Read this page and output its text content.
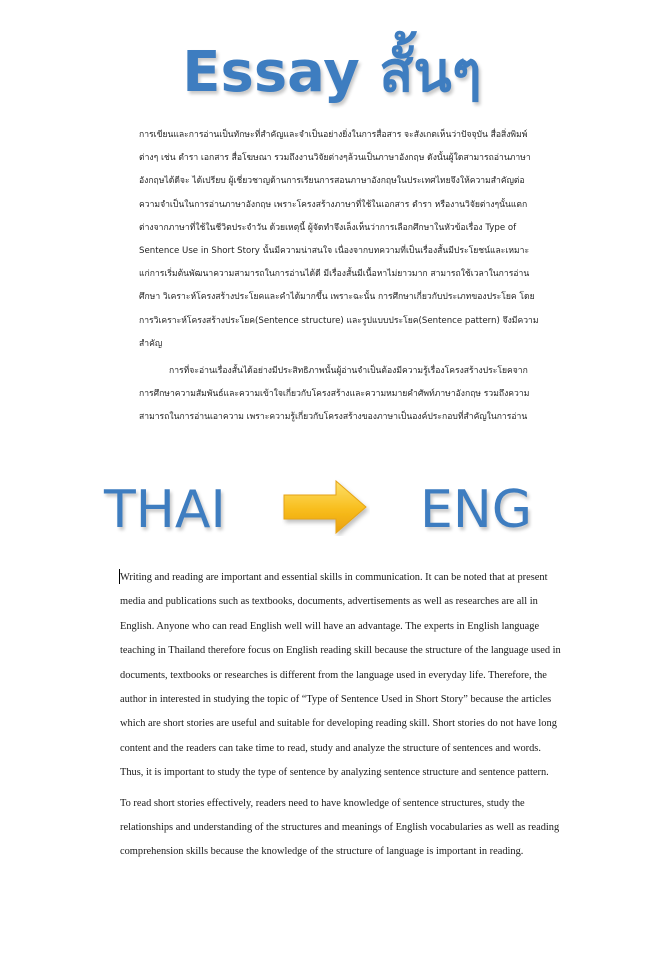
Essay สั้นๆ

การเขียนและการอ่านเป็นทักษะที่สำคัญและจำเป็นอย่างยิ่งในการสื่อสาร จะสังเกตเห็นว่าปัจจุบัน สื่อสิ่งพิมพ์ต่างๆ เช่น ตำรา เอกสาร สื่อโฆษณา รวมถึงงานวิจัยต่างๆล้วนเป็นภาษาอังกฤษ ดังนั้นผู้ใดสามารถอ่านภาษาอังกฤษได้ดีจะ ได้เปรียบ ผู้เชี่ยวชาญด้านการเรียนการสอนภาษาอังกฤษในประเทศไทยจึงให้ความสำคัญต่อความจำเป็นในการอ่านภาษาอังกฤษ เพราะโครงสร้างภาษาที่ใช้ในเอกสาร ตำรา หรืองานวิจัยต่างๆนั้นแตกต่างจากภาษาที่ใช้ในชีวิตประจำวัน ด้วยเหตุนี้ ผู้จัดทำจึงเล็งเห็นว่าการเลือกศึกษาในหัวข้อเรื่อง Type of Sentence Use in Short Story นั้นมีความน่าสนใจ เนื่องจากบทความที่เป็นเรื่องสั้นมีประโยชน์และเหมาะแก่การเริ่มต้นพัฒนาความสามารถในการอ่านได้ดี มีเรื่องสั้นมีเนื้อหาไม่ยาวมาก สามารถใช้เวลาในการอ่าน ศึกษา วิเคราะห์โครงสร้างประโยคและคำได้มากขึ้น เพราะฉะนั้น การศึกษาเกี่ยวกับประเภทของประโยค โดยการวิเคราะห์โครงสร้างประโยค(Sentence structure) และรูปแบบประโยค(Sentence pattern) จึงมีความสำคัญ

การที่จะอ่านเรื่องสั้นได้อย่างมีประสิทธิภาพนั้นผู้อ่านจำเป็นต้องมีความรู้เรื่องโครงสร้างประโยคจากการศึกษาความสัมพันธ์และความเข้าใจเกี่ยวกับโครงสร้างและความหมายคำศัพท์ภาษาอังกฤษ รวมถึงความสามารถในการอ่านเอาความ เพราะความรู้เกี่ยวกับโครงสร้างของภาษาเป็นองค์ประกอบที่สำคัญในการอ่าน

THAI	ENG

Writing and reading are important and essential skills in communication. It can be noted that at present media and publications such as textbooks, documents, advertisements as well as researches are all in English. Anyone who can read English well will have an advantage. The experts in English language teaching in Thailand therefore focus on English reading skill because the structure of the language used in documents, textbooks or researches is different from the language used in everyday life. Therefore, the author in interested in studying the topic of “Type of Sentence Used in Short Story” because the articles which are short stories are useful and suitable for developing reading skill. Short stories do not have long content and the readers can take time to read, study and analyze the structure of sentences and words. Thus, it is important to study the type of sentence by analyzing sentence structure and sentence pattern.

To read short stories effectively, readers need to have knowledge of sentence structures, study the relationships and understanding of the structures and meanings of English vocabularies as well as reading comprehension skills because the knowledge of the structure of language is important in reading.
